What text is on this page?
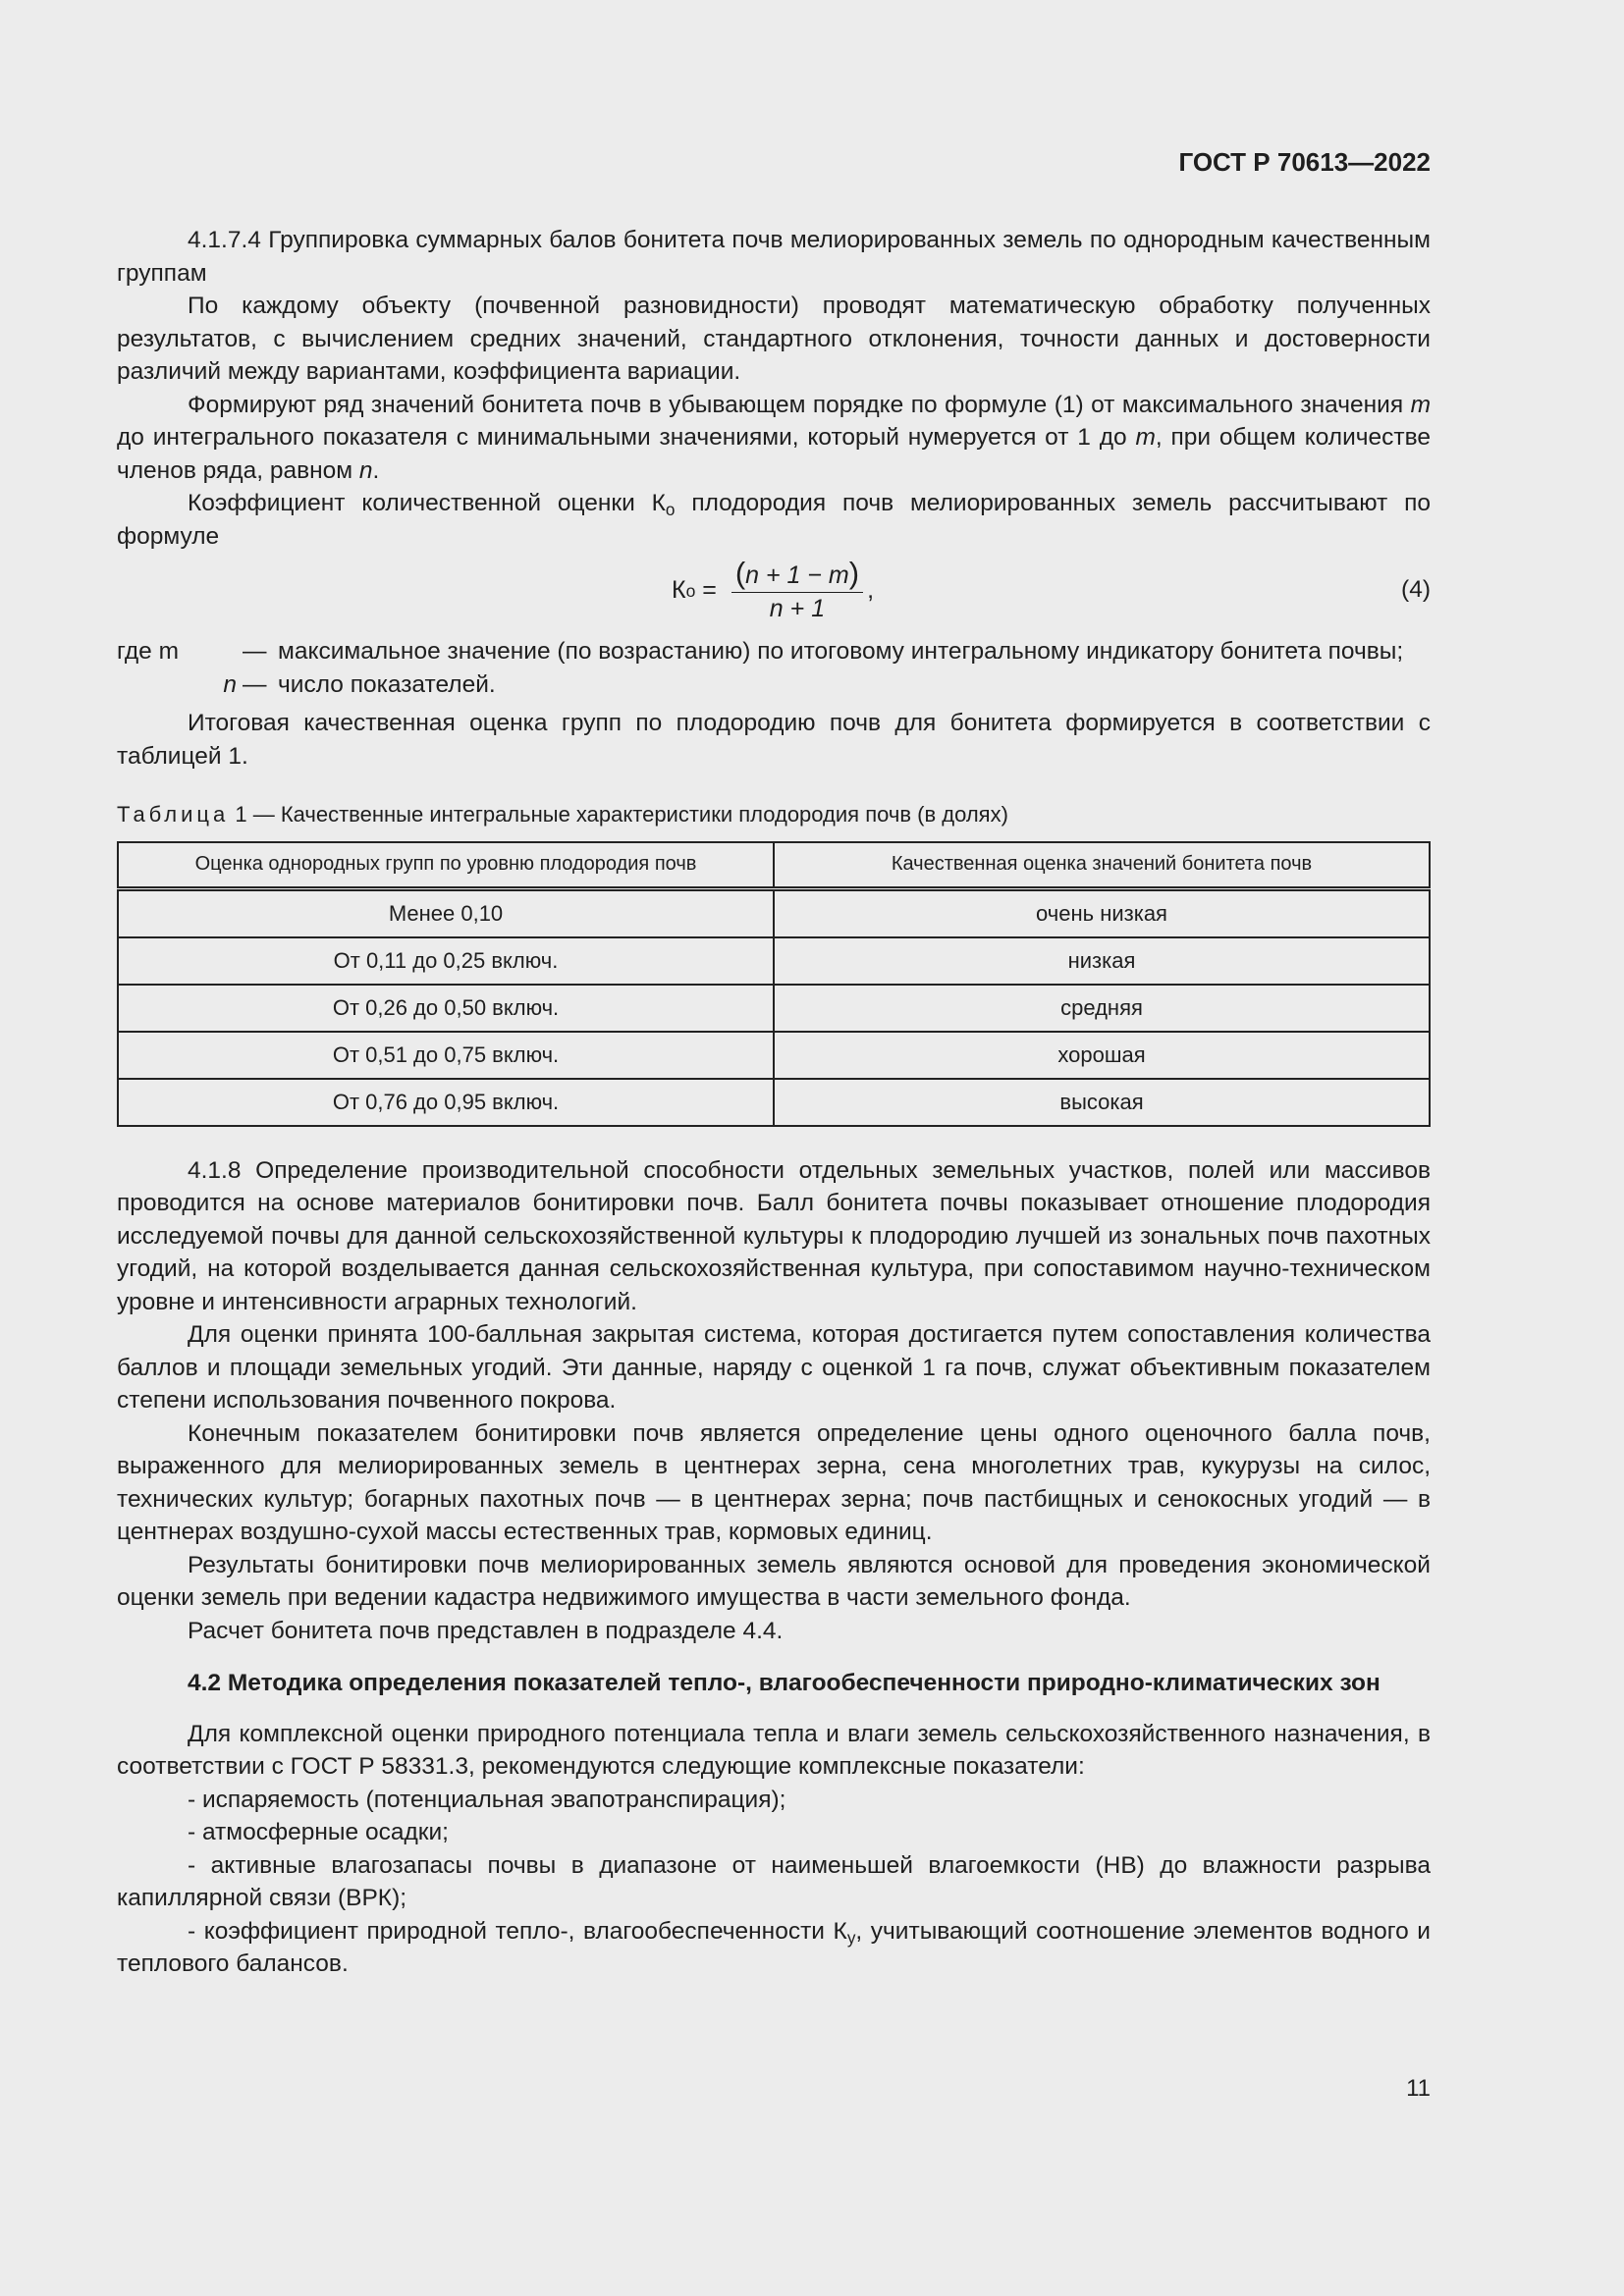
ГОСТ Р 70613—2022

4.1.7.4 Группировка суммарных балов бонитета почв мелиорированных земель по однородным качественным группам

По каждому объекту (почвенной разновидности) проводят математическую обработку полученных результатов, с вычислением средних значений, стандартного отклонения, точности данных и достоверности различий между вариантами, коэффициента вариации.

Формируют ряд значений бонитета почв в убывающем порядке по формуле (1) от максимального значения m до интегрального показателя с минимальными значениями, который нумеруется от 1 до m, при общем количестве членов ряда, равном n.

Коэффициент количественной оценки $К_о$ плодородия почв мелиорированных земель рассчитывают по формуле

К $о = \frac{(n + 1 - m)}{n + 1}$ ,	(4)
где m	— максимальное значение (по возрастанию) по итоговому интегральному индикатору бонитета почвы;
n — число показателей.

Итоговая качественная оценка групп по плодородию почв для бонитета формируется в соответствии с таблицей 1.

Таблица 1 — Качественные интегральные характеристики плодородия почв (в долях)

Оценка однородных групп по уровню плодородия почв	Качественная оценка значений бонитета почв
Менее 0,10	очень низкая
От 0,11 до 0,25 включ.	низкая
От 0,26 до 0,50 включ.	средняя
От 0,51 до 0,75 включ.	хорошая
От 0,76 до 0,95 включ.	высокая

4.1.8 Определение производительной способности отдельных земельных участков, полей или массивов проводится на основе материалов бонитировки почв. Балл бонитета почвы показывает отношение плодородия исследуемой почвы для данной сельскохозяйственной культуры к плодородию лучшей из зональных почв пахотных угодий, на которой возделывается данная сельскохозяйственная культура, при сопоставимом научно-техническом уровне и интенсивности аграрных технологий.

Для оценки принята 100-балльная закрытая система, которая достигается путем сопоставления количества баллов и площади земельных угодий. Эти данные, наряду с оценкой 1 га почв, служат объективным показателем степени использования почвенного покрова.

Конечным показателем бонитировки почв является определение цены одного оценочного балла почв, выраженного для мелиорированных земель в центнерах зерна, сена многолетних трав, кукурузы на силос, технических культур; богарных пахотных почв — в центнерах зерна; почв пастбищных и сенокосных угодий — в центнерах воздушно-сухой массы естественных трав, кормовых единиц.

Результаты бонитировки почв мелиорированных земель являются основой для проведения экономической оценки земель при ведении кадастра недвижимого имущества в части земельного фонда.

Расчет бонитета почв представлен в подразделе 4.4.

4.2 Методика определения показателей тепло-, влагообеспеченности природно-климатических зон

Для комплексной оценки природного потенциала тепла и влаги земель сельскохозяйственного назначения, в соответствии с ГОСТ Р 58331.3, рекомендуются следующие комплексные показатели:

- испаряемость (потенциальная эвапотранспирация);

- атмосферные осадки;

- активные влагозапасы почвы в диапазоне от наименьшей влагоемкости (НВ) до влажности разрыва капиллярной связи (ВРК);

- коэффициент природной тепло-, влагообеспеченности $К_у$, учитывающий соотношение элементов водного и теплового балансов.

11
